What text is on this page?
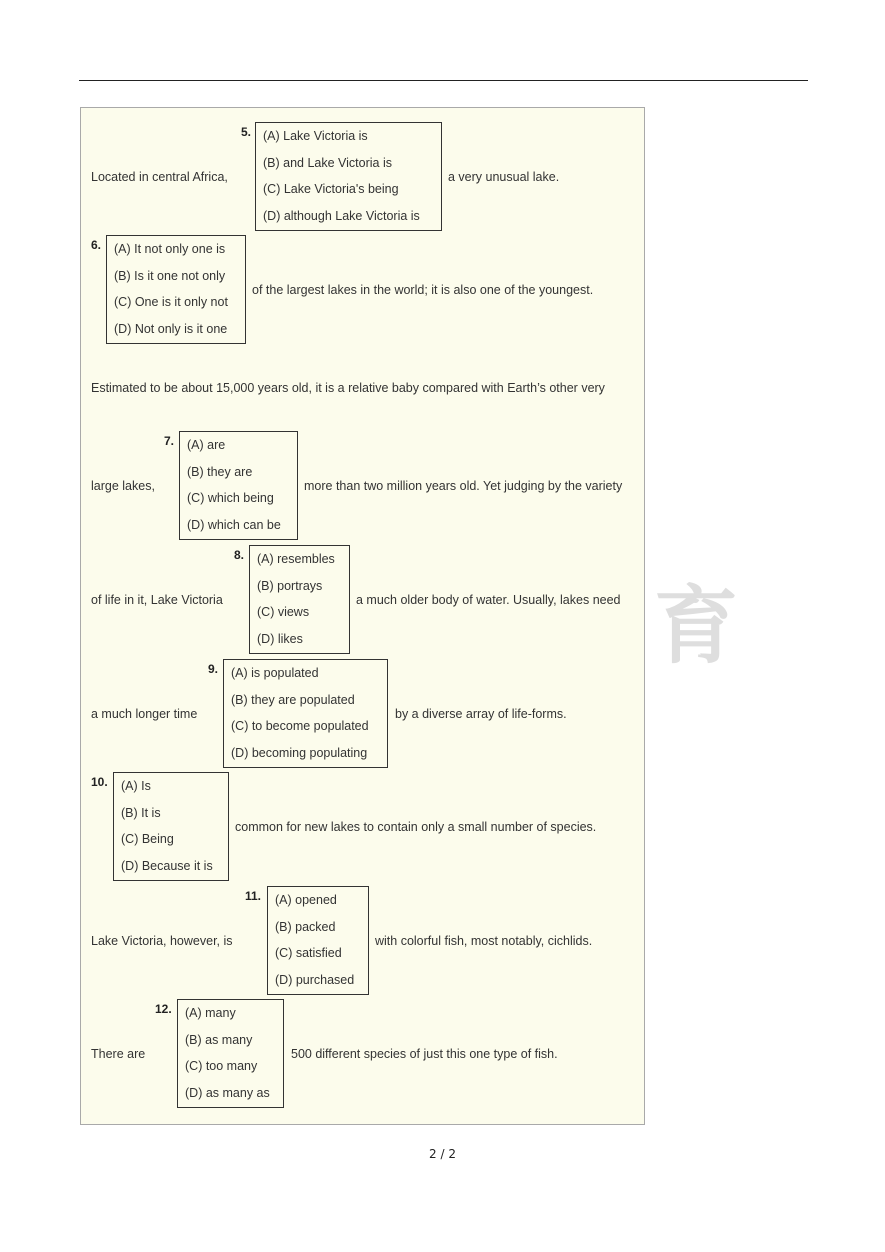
5.
Located in central Africa,
(A) Lake Victoria is
(B) and Lake Victoria is
(C) Lake Victoria's being
(D) although Lake Victoria is
a very unusual lake.
6.	(A) It not only one is
(B) Is it one not only
(C) One is it only not
(D) Not only is it one
of the largest lakes in the world; it is also one of the youngest.
Estimated to be about 15,000 years old, it is a relative baby compared with Earth’s other very
7.
large lakes,
(A) are
(B) they are
(C) which being
(D) which can be
more than two million years old. Yet judging by the variety
8.
of life in it, Lake Victoria
(A) resembles
(B) portrays
(C) views
(D) likes
a much older body of water. Usually, lakes need
9.
a much longer time
(A) is populated
(B) they are populated
(C) to become populated
(D) becoming populating
by a diverse array of life-forms.
10.	(A) Is
(B) It is
(C) Being
(D) Because it is
common for new lakes to contain only a small number of species.
11.
Lake Victoria, however, is
(A) opened
(B) packed
(C) satisfied
(D) purchased
with colorful fish, most notably, cichlids.
12.
There are
(A) many
(B) as many
(C) too many
(D) as many as
500 different species of just this one type of fish.
育
2 / 2
